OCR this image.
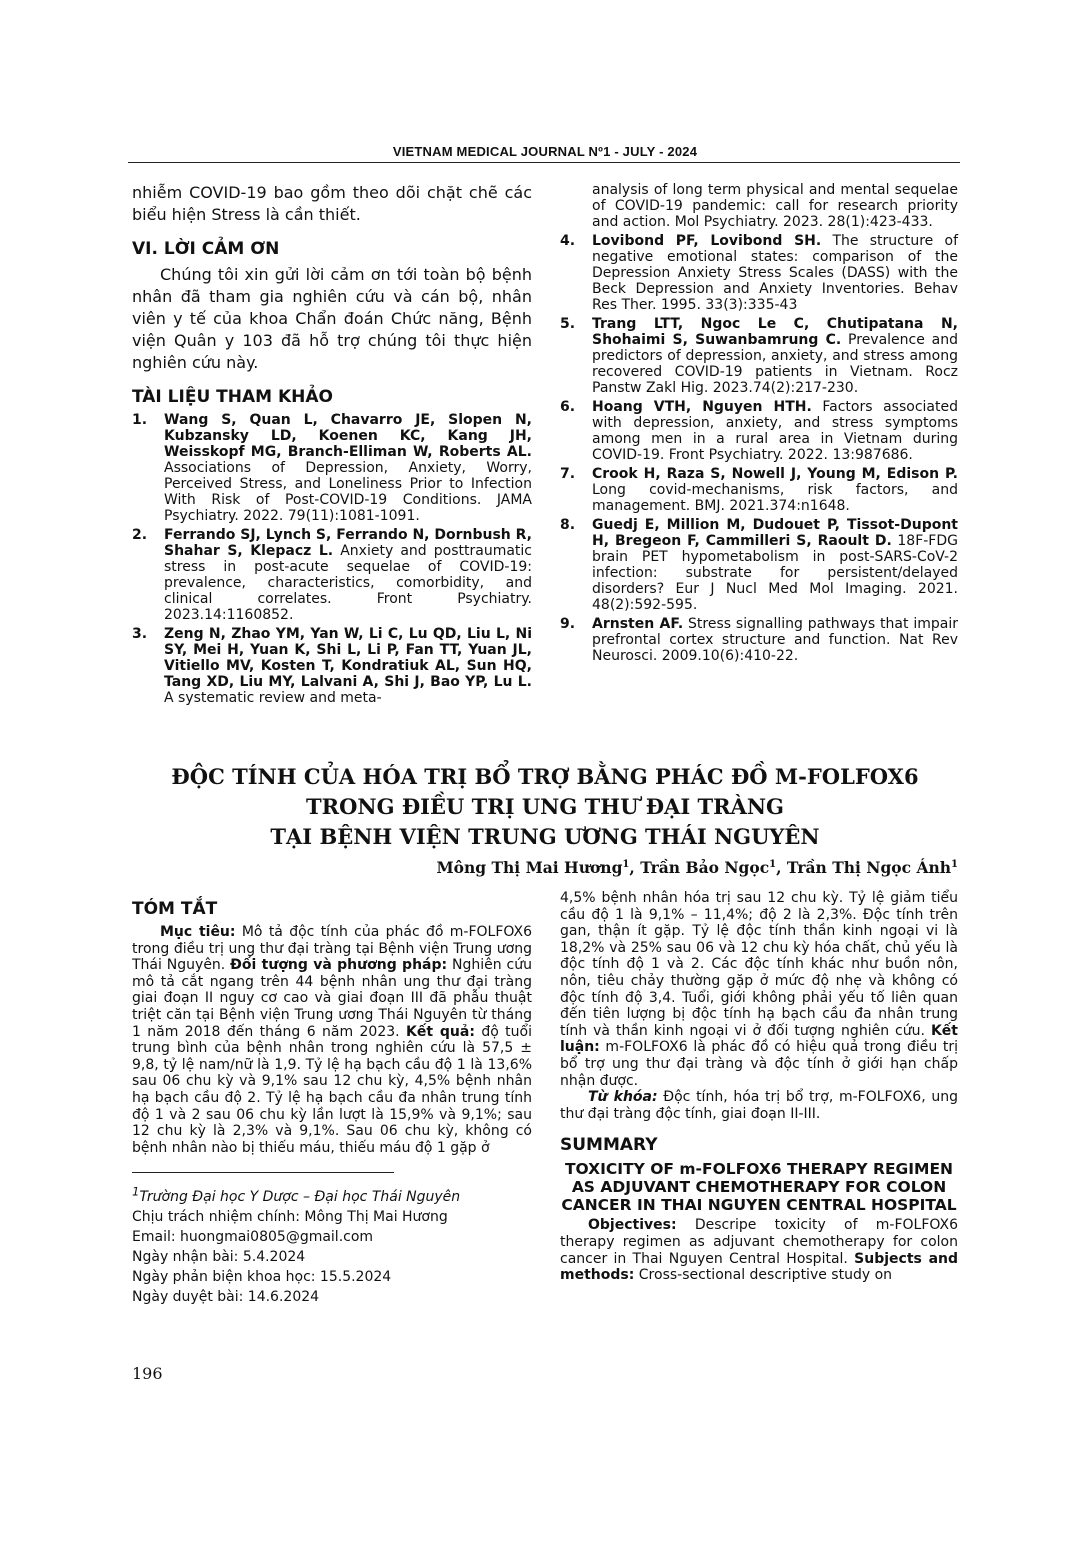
VIETNAM MEDICAL JOURNAL Nº1 - JULY - 2024

nhiễm COVID-19 bao gồm theo dõi chặt chẽ các biểu hiện Stress là cần thiết.

VI. LỜI CẢM ƠN

Chúng tôi xin gửi lời cảm ơn tới toàn bộ bệnh nhân đã tham gia nghiên cứu và cán bộ, nhân viên y tế của khoa Chẩn đoán Chức năng, Bệnh viện Quân y 103 đã hỗ trợ chúng tôi thực hiện nghiên cứu này.

TÀI LIỆU THAM KHẢO
1.	Wang S, Quan L, Chavarro JE, Slopen N, Kubzansky LD, Koenen KC, Kang JH, Weisskopf MG, Branch-Elliman W, Roberts AL. Associations of Depression, Anxiety, Worry, Perceived Stress, and Loneliness Prior to Infection With Risk of Post-COVID-19 Conditions. JAMA Psychiatry. 2022. 79(11):1081-1091.
2.	Ferrando SJ, Lynch S, Ferrando N, Dornbush R, Shahar S, Klepacz L. Anxiety and posttraumatic stress in post-acute sequelae of COVID-19: prevalence, characteristics, comorbidity, and clinical correlates. Front Psychiatry. 2023.14:1160852.
3.	Zeng N, Zhao YM, Yan W, Li C, Lu QD, Liu L, Ni SY, Mei H, Yuan K, Shi L, Li P, Fan TT, Yuan JL, Vitiello MV, Kosten T, Kondratiuk AL, Sun HQ, Tang XD, Liu MY, Lalvani A, Shi J, Bao YP, Lu L. A systematic review and meta-

analysis of long term physical and mental sequelae of COVID-19 pandemic: call for research priority and action. Mol Psychiatry. 2023. 28(1):423-433.

4.	Lovibond PF, Lovibond SH. The structure of negative emotional states: comparison of the Depression Anxiety Stress Scales (DASS) with the Beck Depression and Anxiety Inventories. Behav Res Ther. 1995. 33(3):335-43
5.	Trang LTT, Ngoc Le C, Chutipatana N, Shohaimi S, Suwanbamrung C. Prevalence and predictors of depression, anxiety, and stress among recovered COVID-19 patients in Vietnam. Rocz Panstw Zakl Hig. 2023.74(2):217-230.
6.	Hoang VTH, Nguyen HTH. Factors associated with depression, anxiety, and stress symptoms among men in a rural area in Vietnam during COVID-19. Front Psychiatry. 2022. 13:987686.
7.	Crook H, Raza S, Nowell J, Young M, Edison P. Long covid-mechanisms, risk factors, and management. BMJ. 2021.374:n1648.
8.	Guedj E, Million M, Dudouet P, Tissot-Dupont H, Bregeon F, Cammilleri S, Raoult D. 18F-FDG brain PET hypometabolism in post-SARS-CoV-2 infection: substrate for persistent/delayed disorders? Eur J Nucl Med Mol Imaging. 2021. 48(2):592-595.
9.	Arnsten AF. Stress signalling pathways that impair prefrontal cortex structure and function. Nat Rev Neurosci. 2009.10(6):410-22.
ĐỘC TÍNH CỦA HÓA TRỊ BỔ TRỢ BẰNG PHÁC ĐỒ M-FOLFOX6
TRONG ĐIỀU TRỊ UNG THƯ ĐẠI TRÀNG
TẠI BỆNH VIỆN TRUNG ƯƠNG THÁI NGUYÊN
Mông Thị Mai Hương$^1$, Trần Bảo Ngọc$^1$, Trần Thị Ngọc Ánh$^1$
TÓM TẮT

Mục tiêu: Mô tả độc tính của phác đồ m-FOLFOX6 trong điều trị ung thư đại tràng tại Bệnh viện Trung ương Thái Nguyên. Đối tượng và phương pháp: Nghiên cứu mô tả cắt ngang trên 44 bệnh nhân ung thư đại tràng giai đoạn II nguy cơ cao và giai đoạn III đã phẫu thuật triệt căn tại Bệnh viện Trung ương Thái Nguyên từ tháng 1 năm 2018 đến tháng 6 năm 2023. Kết quả: độ tuổi trung bình của bệnh nhân trong nghiên cứu là 57,5 ± 9,8, tỷ lệ nam/nữ là 1,9. Tỷ lệ hạ bạch cầu độ 1 là 13,6% sau 06 chu kỳ và 9,1% sau 12 chu kỳ, 4,5% bệnh nhân hạ bạch cầu độ 2. Tỷ lệ hạ bạch cầu đa nhân trung tính độ 1 và 2 sau 06 chu kỳ lần lượt là 15,9% và 9,1%; sau 12 chu kỳ là 2,3% và 9,1%. Sau 06 chu kỳ, không có bệnh nhân nào bị thiếu máu, thiếu máu độ 1 gặp ở

$^1$Trường Đại học Y Dược – Đại học Thái Nguyên

Chịu trách nhiệm chính: Mông Thị Mai Hương

Email: huongmai0805@gmail.com

Ngày nhận bài: 5.4.2024

Ngày phản biện khoa học: 15.5.2024

Ngày duyệt bài: 14.6.2024

4,5% bệnh nhân hóa trị sau 12 chu kỳ. Tỷ lệ giảm tiểu cầu độ 1 là 9,1% – 11,4%; độ 2 là 2,3%. Độc tính trên gan, thận ít gặp. Tỷ lệ độc tính thần kinh ngoại vi là 18,2% và 25% sau 06 và 12 chu kỳ hóa chất, chủ yếu là độc tính độ 1 và 2. Các độc tính khác như buồn nôn, nôn, tiêu chảy thường gặp ở mức độ nhẹ và không có độc tính độ 3,4. Tuổi, giới không phải yếu tố liên quan đến tiên lượng bị độc tính hạ bạch cầu đa nhân trung tính và thần kinh ngoại vi ở đối tượng nghiên cứu. Kết luận: m-FOLFOX6 là phác đồ có hiệu quả trong điều trị bổ trợ ung thư đại tràng và độc tính ở giới hạn chấp nhận được.

Từ khóa: Độc tính, hóa trị bổ trợ, m-FOLFOX6, ung thư đại tràng độc tính, giai đoạn II-III.

SUMMARY
TOXICITY OF m-FOLFOX6 THERAPY REGIMEN AS ADJUVANT CHEMOTHERAPY FOR COLON CANCER IN THAI NGUYEN CENTRAL HOSPITAL

Objectives: Descripe toxicity of m-FOLFOX6 therapy regimen as adjuvant chemotherapy for colon cancer in Thai Nguyen Central Hospital. Subjects and methods: Cross-sectional descriptive study on

196
